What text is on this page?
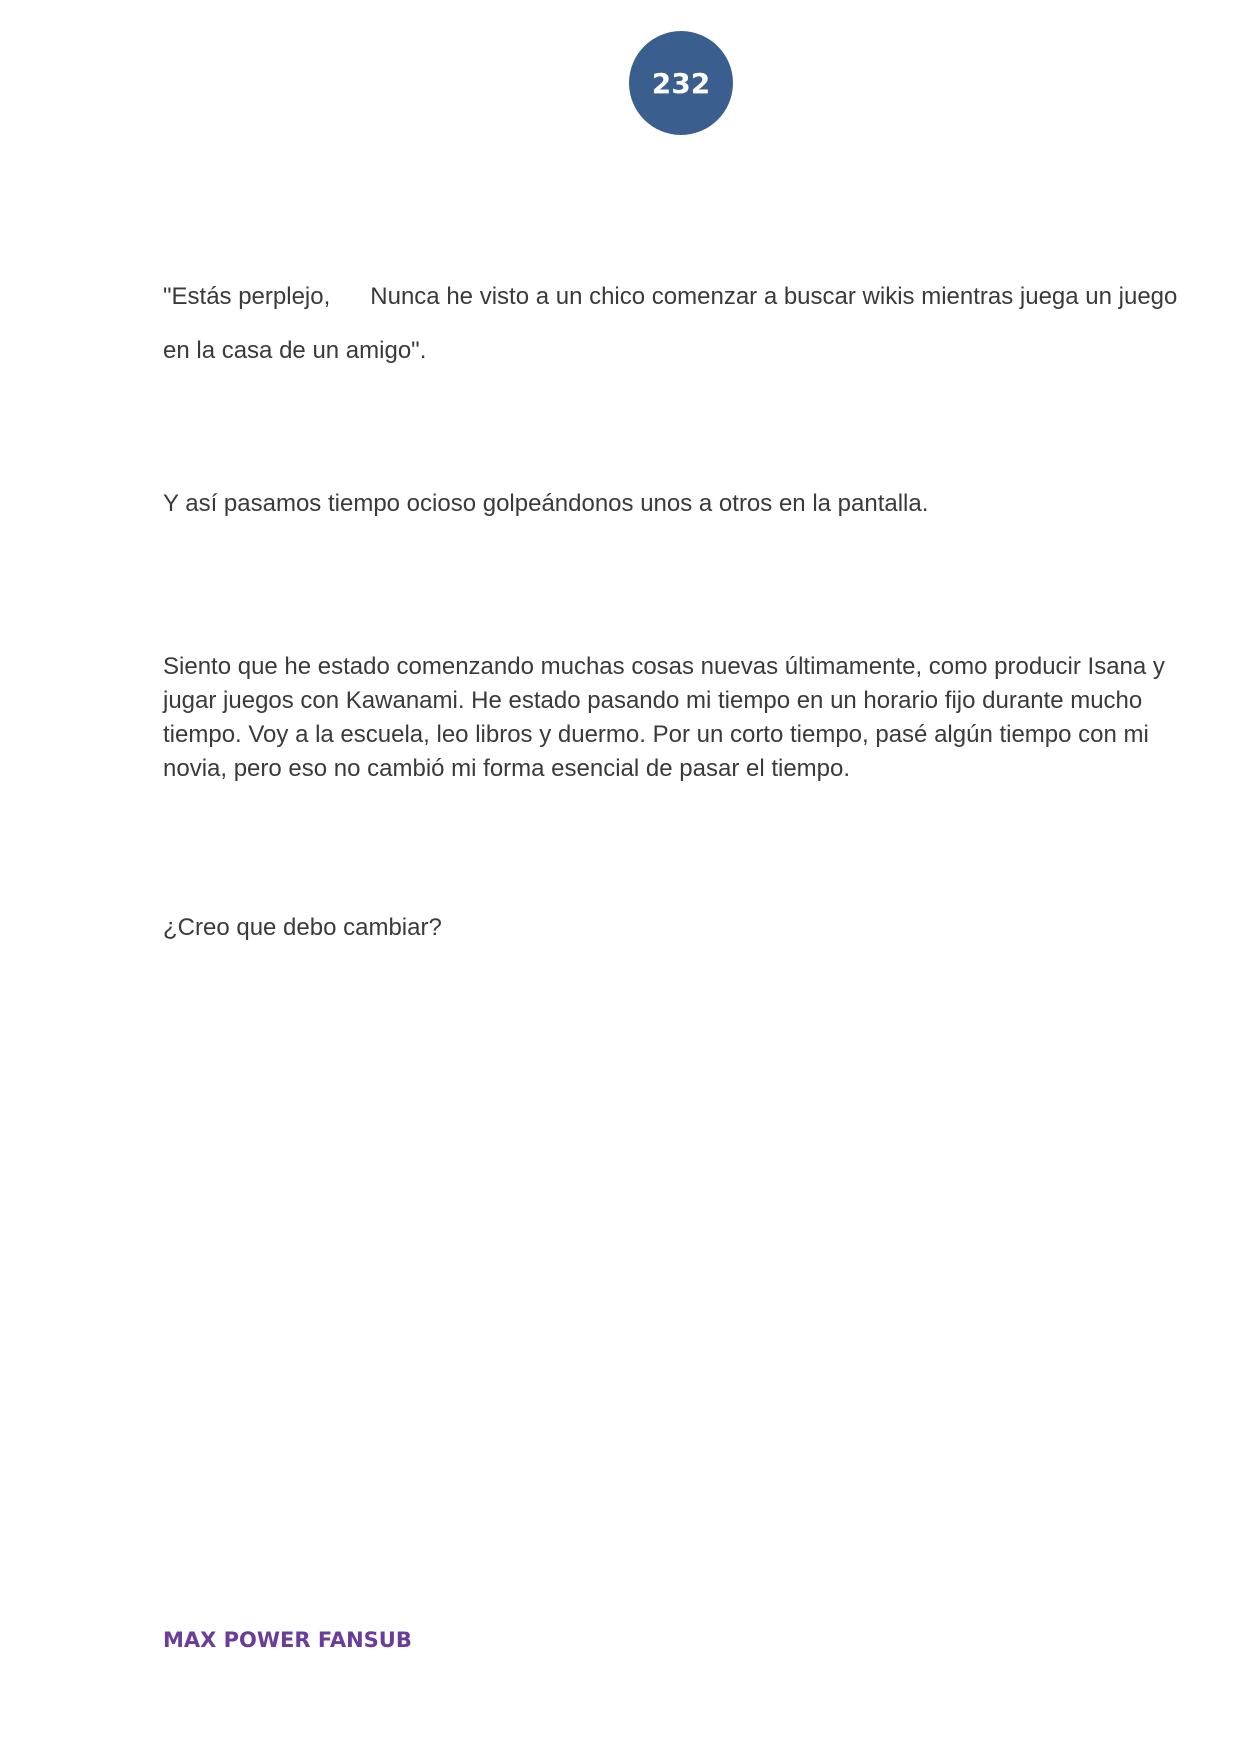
232

"Estás perplejo, Nunca he visto a un chico comenzar a buscar wikis mientras juega un juego en la casa de un amigo".

Y así pasamos tiempo ocioso golpeándonos unos a otros en la pantalla.

Siento que he estado comenzando muchas cosas nuevas últimamente, como producir Isana y jugar juegos con Kawanami. He estado pasando mi tiempo en un horario fijo durante mucho tiempo. Voy a la escuela, leo libros y duermo. Por un corto tiempo, pasé algún tiempo con mi novia, pero eso no cambió mi forma esencial de pasar el tiempo.

¿Creo que debo cambiar?

MAX POWER FANSUB
